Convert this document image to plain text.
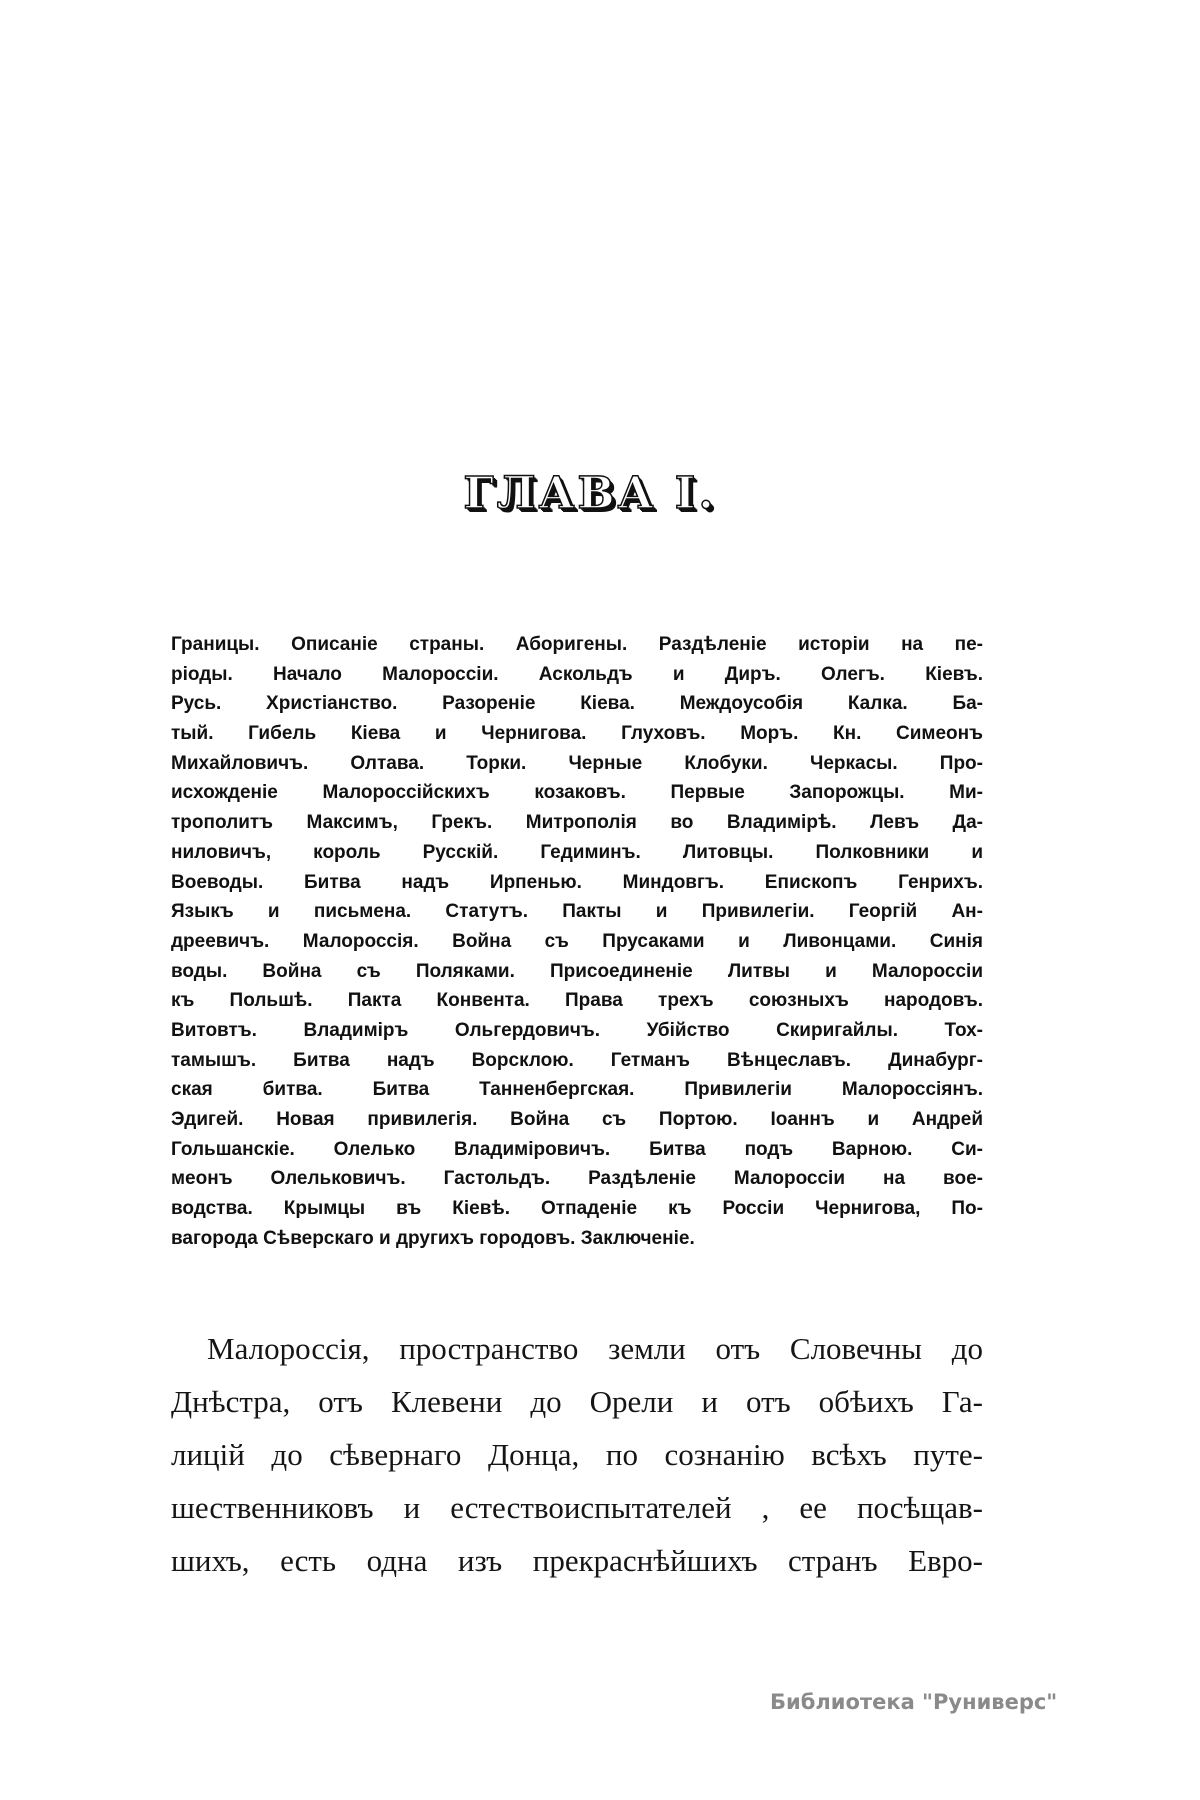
ГЛАВА I.
Границы. Описаніе страны. Аборигены. Раздѣленіе исторіи на пе-
ріоды. Начало Малороссіи. Аскольдъ и Диръ. Олегъ. Кіевъ.
Русь. Христіанство. Разореніе Кіева. Междоусобія Калка. Ба-
тый. Гибель Кіева и Чернигова. Глуховъ. Моръ. Кн. Симеонъ
Михайловичъ. Олтава. Торки. Черные Клобуки. Черкасы. Про-
исхожденіе Малороссійскихъ козаковъ. Первые Запорожцы. Ми-
трополитъ Максимъ, Грекъ. Митрополія во Владимірѣ. Левъ Да-
ниловичъ, король Русскій. Гедиминъ. Литовцы. Полковники и
Воеводы. Битва надъ Ирпенью. Миндовгъ. Епископъ Генрихъ.
Языкъ и письмена. Статутъ. Пакты и Привилегіи. Георгій Ан-
дреевичъ. Малороссія. Война съ Прусаками и Ливонцами. Синія
воды. Война съ Поляками. Присоединеніе Литвы и Малороссіи
къ Польшѣ. Пакта Конвента. Права трехъ союзныхъ народовъ.
Витовтъ. Владиміръ Ольгердовичъ. Убійство Скиригайлы. Тох-
тамышъ. Битва надъ Ворсклою. Гетманъ Вѣнцеславъ. Динабург-
ская битва. Битва Танненбергская. Привилегіи Малороссіянъ.
Эдигей. Новая привилегія. Война съ Портою. Іоаннъ и Андрей
Гольшанскіе. Олелько Владиміровичъ. Битва подъ Варною. Си-
меонъ Олельковичъ. Гастольдъ. Раздѣленіе Малороссіи на вое-
водства. Крымцы въ Кіевѣ. Отпаденіе къ Россіи Чернигова, По-
вагорода Сѣверскаго и другихъ городовъ. Заключеніе.
Малороссія, пространство земли отъ Словечны до
Днѣстра, отъ Клевени до Орели и отъ обѣихъ Га-
лицій до сѣвернаго Донца, по сознанію всѣхъ путе-
шественниковъ и естествоиспытателей , ее посѣщав-
шихъ, есть одна изъ прекраснѣйшихъ странъ Евро-
Библиотека "Руниверс"
